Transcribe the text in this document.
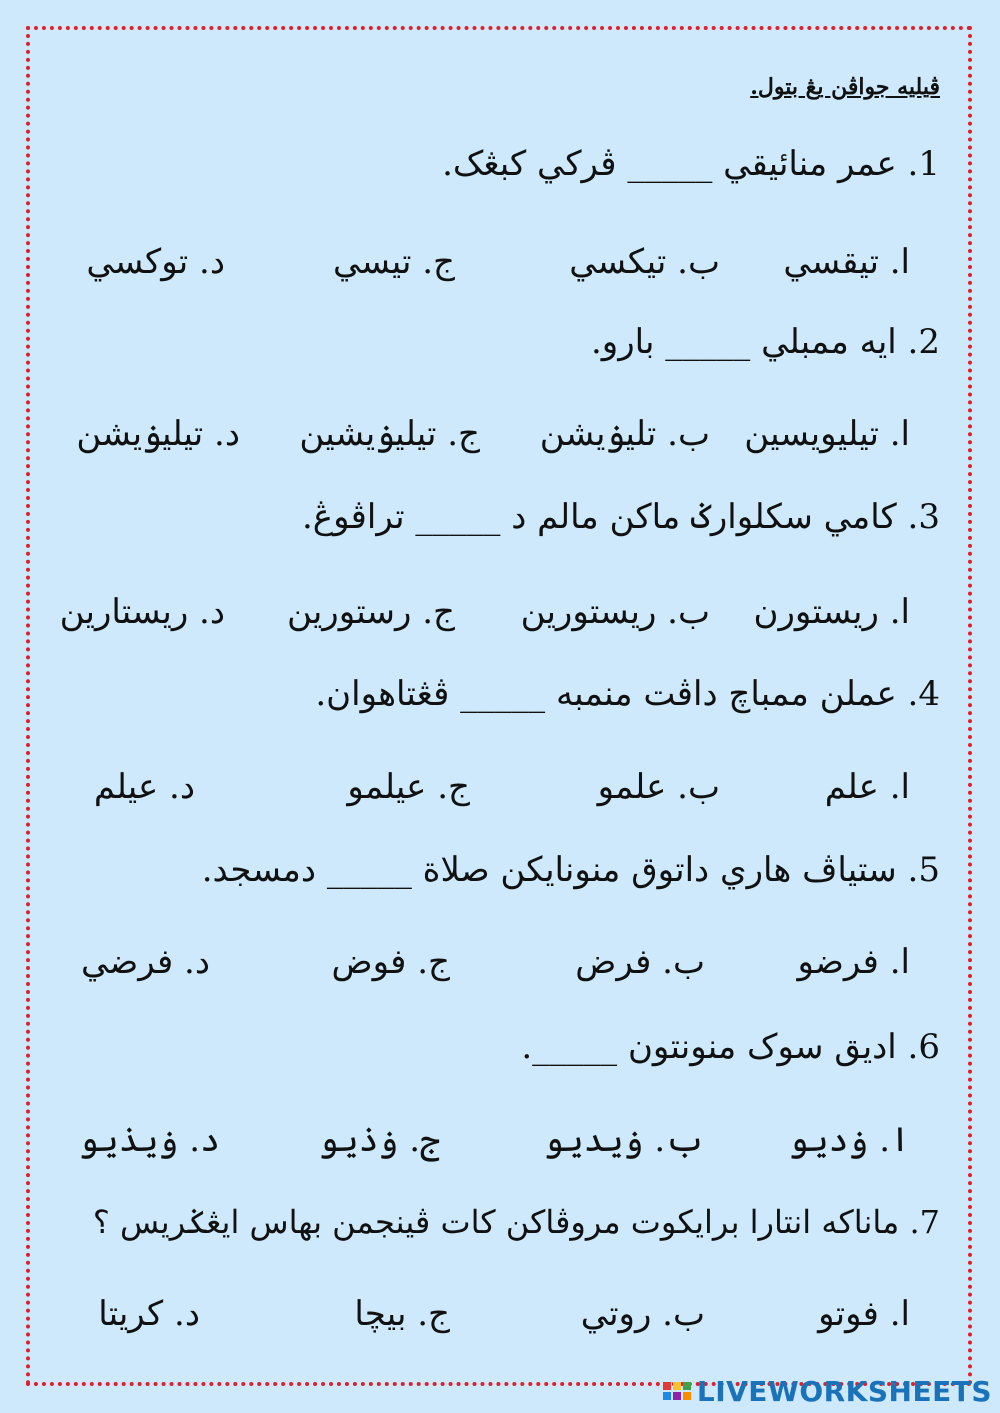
ڤيليه جواڤن يڠ بتول.
1. عمر منائيقي _____ ڤركي كبڠک.
ا. تيقسي
ب. تيكسي
ج. تيسي
د. توكسي
2. ايه ممبلي _____ بارو.
ا. تيليويسين
ب. تليۏيشن
ج. تيليۏيشين
د. تيليۏيشن
3. كامي سكلوارݢ ماكن مالم د _____ تراڤوڠ.
ا. ريستورن
ب. ريستورين
ج. رستورين
د. ريستارين
4. عملن ممباچ داڤت منمبه _____ ڤڠتاهوان.
ا. علم
ب. علمو
ج. عيلمو
د. عيلم
5. ستياڤ هاري داتوق منونايكن صلاة _____ دمسجد.
ا. فرضو
ب. فرض
ج. فوض
د. فرضي
6. اديق سوک منونتون _____.
ا. ۏديو
ب. ۏيديو
ج. ۏذيو
د. ۏيذيو
7. ماناكه انتارا برايكوت مروڤاكن كات ڤينجمن بهاس ايڠݢريس ؟
ا. فوتو
ب. روتي
ج. بيچا
د. كريتا
LIVEWORKSHEETS
